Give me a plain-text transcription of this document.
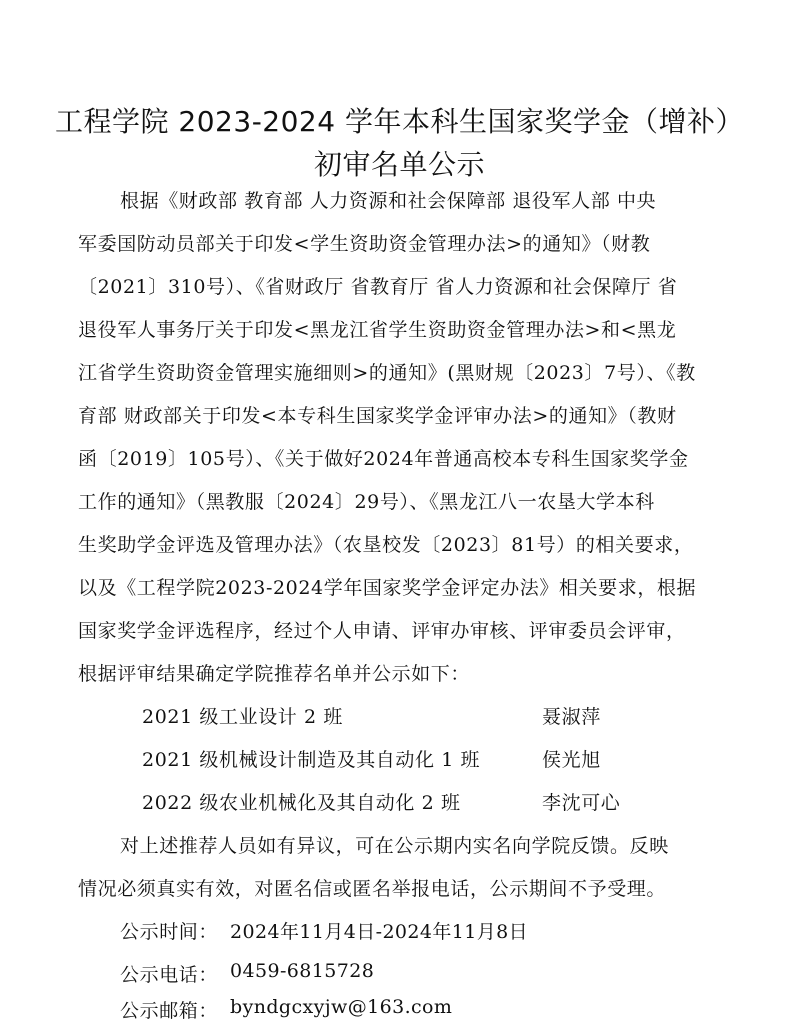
工程学院 2023-2024 学年本科生国家奖学金（增补）
初审名单公示
根据《财政部 教育部 人力资源和社会保障部 退役军人部 中央
军委国防动员部关于印发<学生资助资金管理办法>的通知》（财教
〔2021〕310号）、《省财政厅 省教育厅 省人力资源和社会保障厅 省
退役军人事务厅关于印发<黑龙江省学生资助资金管理办法>和<黑龙
江省学生资助资金管理实施细则>的通知》(黑财规〔2023〕7号）、《教
育部 财政部关于印发<本专科生国家奖学金评审办法>的通知》（教财
函〔2019〕105号）、《关于做好2024年普通高校本专科生国家奖学金
工作的通知》（黑教服〔2024〕29号）、《黑龙江八一农垦大学本科
生奖助学金评选及管理办法》（农垦校发〔2023〕81号）的相关要求，
以及《工程学院2023-2024学年国家奖学金评定办法》相关要求，根据
国家奖学金评选程序，经过个人申请、评审办审核、评审委员会评审，
根据评审结果确定学院推荐名单并公示如下：
2021 级工业设计 2 班	聂淑萍
2021 级机械设计制造及其自动化 1 班	侯光旭
2022 级农业机械化及其自动化 2 班	李沈可心
对上述推荐人员如有异议，可在公示期内实名向学院反馈。反映
情况必须真实有效，对匿名信或匿名举报电话，公示期间不予受理。
公示时间： 2024年11月4日-2024年11月8日
公示电话： 0459-6815728
公示邮箱： byndgcxyjw@163.com
